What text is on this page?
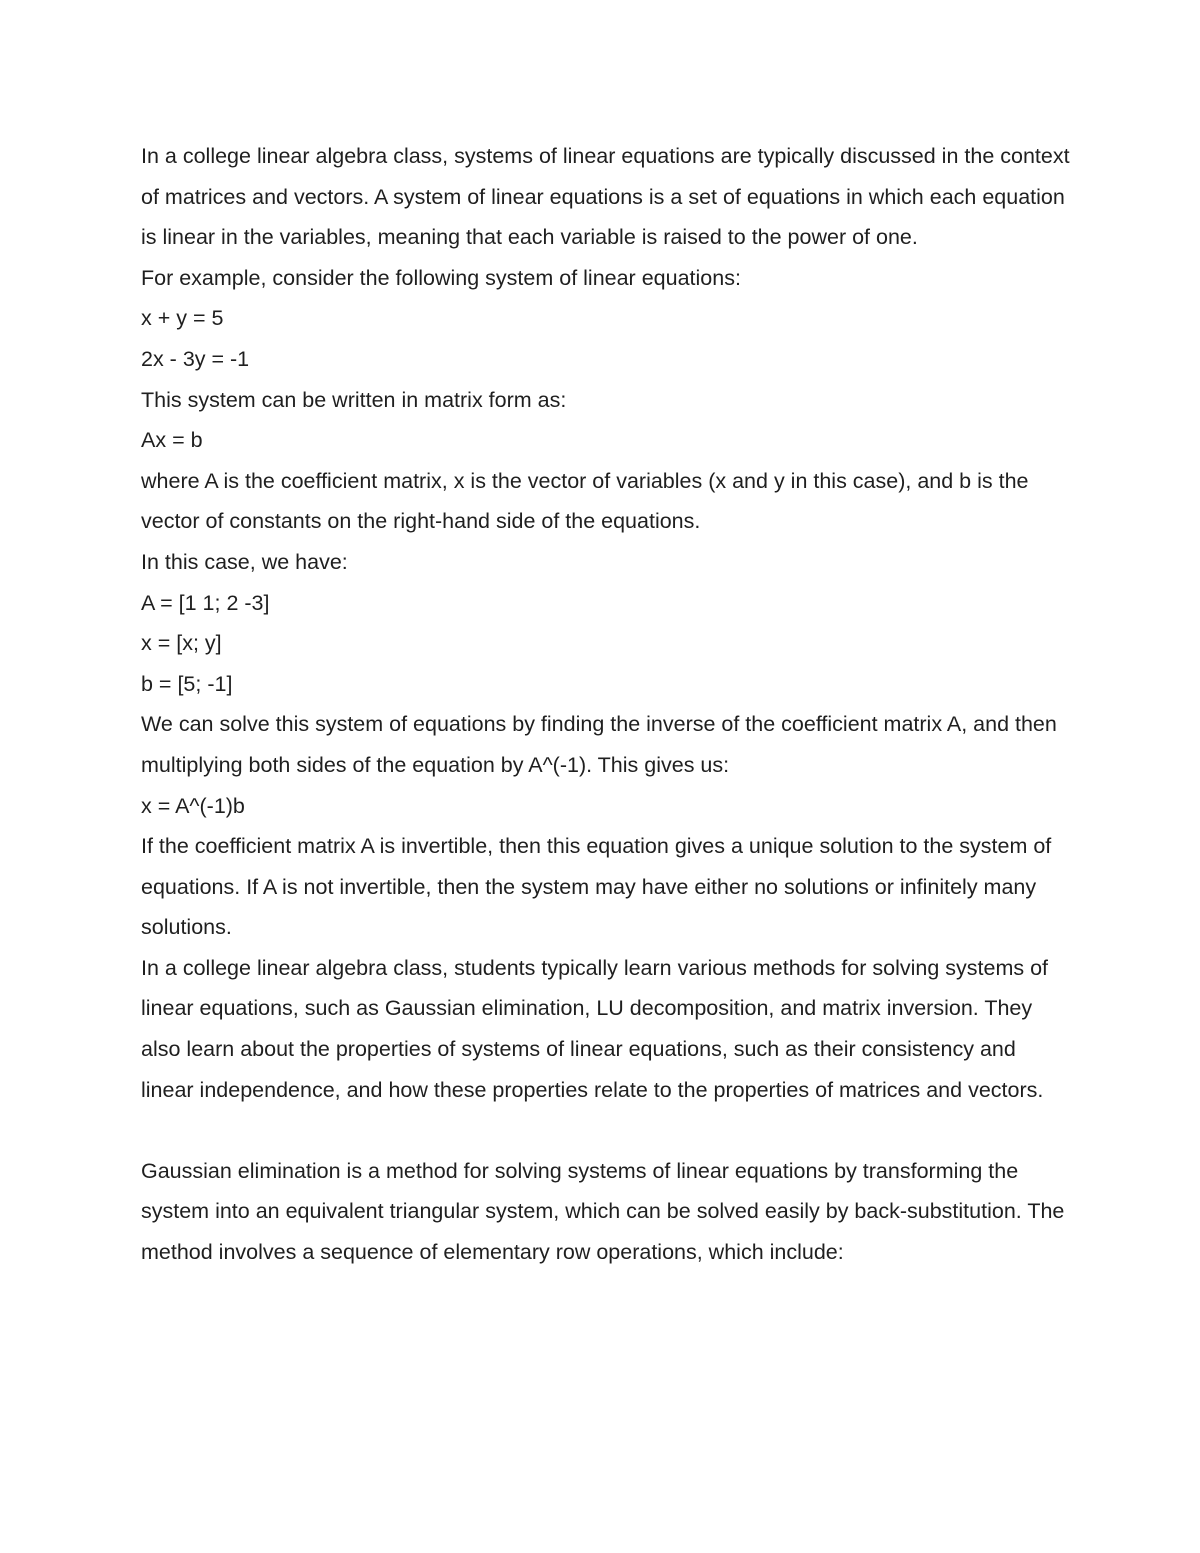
In a college linear algebra class, systems of linear equations are typically discussed in the context of matrices and vectors. A system of linear equations is a set of equations in which each equation is linear in the variables, meaning that each variable is raised to the power of one.

For example, consider the following system of linear equations:

x + y = 5

2x - 3y = -1

This system can be written in matrix form as:

Ax = b

where A is the coefficient matrix, x is the vector of variables (x and y in this case), and b is the vector of constants on the right-hand side of the equations.

In this case, we have:

A = [1 1; 2 -3]

x = [x; y]

b = [5; -1]

We can solve this system of equations by finding the inverse of the coefficient matrix A, and then multiplying both sides of the equation by A^(-1). This gives us:

x = A^(-1)b

If the coefficient matrix A is invertible, then this equation gives a unique solution to the system of equations. If A is not invertible, then the system may have either no solutions or infinitely many solutions.

In a college linear algebra class, students typically learn various methods for solving systems of linear equations, such as Gaussian elimination, LU decomposition, and matrix inversion. They also learn about the properties of systems of linear equations, such as their consistency and linear independence, and how these properties relate to the properties of matrices and vectors.

Gaussian elimination is a method for solving systems of linear equations by transforming the system into an equivalent triangular system, which can be solved easily by back-substitution. The method involves a sequence of elementary row operations, which include:
